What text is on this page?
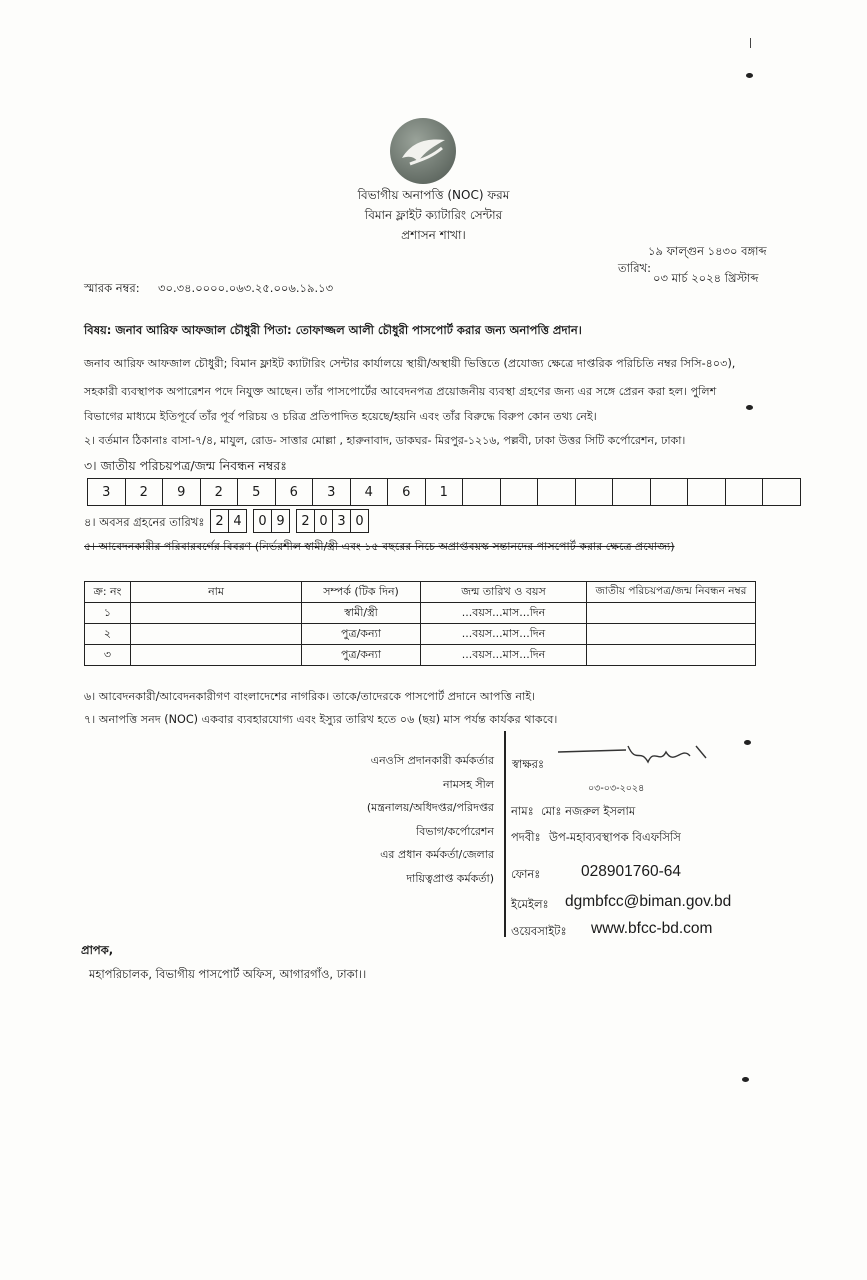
বিভাগীয় অনাপত্তি (NOC) ফরম
বিমান ফ্লাইট ক্যাটারিং সেন্টার
প্রশাসন শাখা।
১৯ ফাল্গুন ১৪৩০ বঙ্গাব্দ
তারিখ:
০৩ মার্চ ২০২৪ খ্রিস্টাব্দ
স্মারক নম্বর: ৩০.৩৪.০০০০.০৬৩.২৫.০০৬.১৯.১৩
বিষয়: জনাব আরিফ আফজাল চৌধুরী পিতা: তোফাজ্জল আলী চৌধুরী পাসপোর্ট করার জন্য অনাপত্তি প্রদান।
জনাব আরিফ আফজাল চৌধুরী; বিমান ফ্লাইট ক্যাটারিং সেন্টার কার্যালয়ে স্থায়ী/অস্থায়ী ভিত্তিতে (প্রযোজ্য ক্ষেত্রে দাপ্তরিক পরিচিতি নম্বর সিসি-৪০৩),
সহকারী ব্যবস্থাপক অপারেশন পদে নিযুক্ত আছেন। তাঁর পাসপোর্টের আবেদনপত্র প্রয়োজনীয় ব্যবস্থা গ্রহণের জন্য এর সঙ্গে প্রেরন করা হল। পুলিশ
বিভাগের মাধ্যমে ইতিপূর্বে তাঁর পূর্ব পরিচয় ও চরিত্র প্রতিপাদিত হয়েছে/হয়নি এবং তাঁর বিরুদ্ধে বিরুপ কোন তথ্য নেই।
২। বর্তমান ঠিকানাঃ বাসা-৭/৪, মাযুল, রোড- সাত্তার মোল্লা , হারুনাবাদ, ডাকঘর- মিরপুর-১২১৬, পল্লবী, ঢাকা উত্তর সিটি কর্পোরেশন, ঢাকা।
৩। জাতীয় পরিচয়পত্র/জন্ম নিবন্ধন নম্বরঃ
3	2	9	2	5	6	3	4	6	1									
৪। অবসর গ্রহনের তারিখঃ 2	4		0	9		2	0	3	0
৫। আবেদনকারীর পরিবারবর্গের বিবরণ (নির্ভরশীল স্বামী/স্ত্রী এবং ১৫ বছরের নিচে অপ্রাপ্তবয়স্ক সন্তানদের পাসপোর্ট করার ক্ষেত্রে প্রযোজ্য)
ক্র: নং	নাম	সম্পর্ক (টিক দিন)	জন্ম তারিখ ও বয়স	জাতীয় পরিচয়পত্র/জন্ম নিবন্ধন নম্বর
১		স্বামী/স্ত্রী	...বয়স...মাস...দিন	
২		পুত্র/কন্যা	...বয়স...মাস...দিন	
৩		পুত্র/কন্যা	...বয়স...মাস...দিন	
৬। আবেদনকারী/আবেদনকারীগণ বাংলাদেশের নাগরিক। তাকে/তাদেরকে পাসপোর্ট প্রদানে আপত্তি নাই।
৭। অনাপত্তি সনদ (NOC) একবার ব্যবহারযোগ্য এবং ইস্যুর তারিখ হতে ০৬ (ছয়) মাস পর্যন্ত কার্যকর থাকবে।
এনওসি প্রদানকারী কর্মকর্তার
নামসহ সীল
(মন্ত্রনালয়/অধিদপ্তর/পরিদপ্তর
বিভাগ/কর্পোরেশন
এর প্রধান কর্মকর্তা/জেলার
দায়িত্বপ্রাপ্ত কর্মকর্তা)
স্বাক্ষরঃ
০৩-০৩-২০২৪
নামঃ মোঃ নজরুল ইসলাম
পদবীঃ উপ-মহাব্যবস্থাপক বিএফসিসি
ফোনঃ	028901760-64
ইমেইলঃ dgmbfcc@biman.gov.bd
ওয়েবসাইটঃ www.bfcc-bd.com
প্রাপক,
মহাপরিচালক, বিভাগীয় পাসপোর্ট অফিস, আগারগাঁও, ঢাকা।।
